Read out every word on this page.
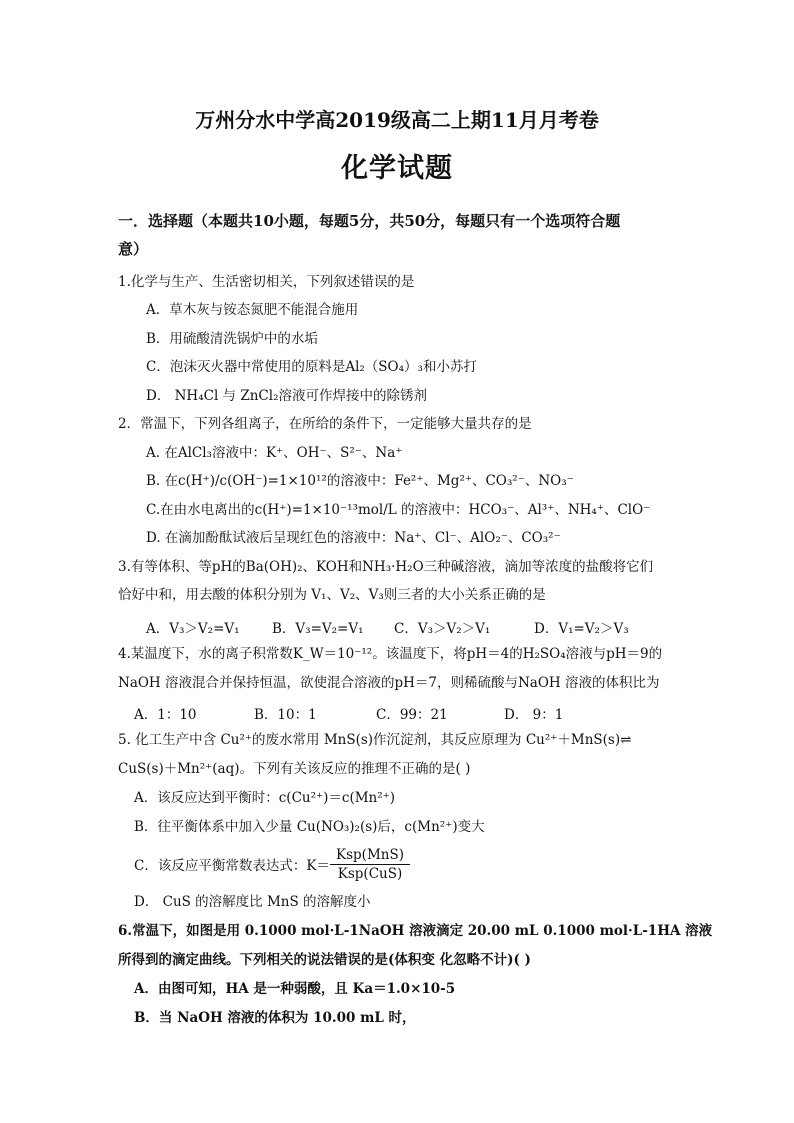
万州分水中学高2019级高二上期11月月考卷
化学试题
一．选择题（本题共10小题，每题5分，共50分，每题只有一个选项符合题
意）
1.化学与生产、生活密切相关，下列叙述错误的是
A．草木灰与铵态氮肥不能混合施用
B．用硫酸清洗锅炉中的水垢
C．泡沫灭火器中常使用的原料是Al₂（SO₄）₃和小苏打
D． NH₄Cl 与 ZnCl₂溶液可作焊接中的除锈剂
2．常温下，下列各组离子，在所给的条件下，一定能够大量共存的是
A. 在AlCl₃溶液中：K⁺、OH⁻、S²⁻、Na⁺
B. 在c(H⁺)/c(OH⁻)=1×10¹²的溶液中：Fe²⁺、Mg²⁺、CO₃²⁻、NO₃⁻
C.在由水电离出的c(H⁺)=1×10⁻¹³mol/L 的溶液中：HCO₃⁻、Al³⁺、NH₄⁺、ClO⁻
D. 在滴加酚酞试液后呈现红色的溶液中：Na⁺、Cl⁻、AlO₂⁻、CO₃²⁻
3.有等体积、等pH的Ba(OH)₂、KOH和NH₃·H₂O三种碱溶液，滴加等浓度的盐酸将它们
恰好中和，用去酸的体积分别为 V₁、V₂、V₃则三者的大小关系正确的是
A．V₃＞V₂=V₁ B．V₃=V₂=V₁ C．V₃＞V₂＞V₁	D．V₁=V₂＞V₃
4.某温度下，水的离子积常数K_W＝10⁻¹²。该温度下，将pH＝4的H₂SO₄溶液与pH＝9的
NaOH 溶液混合并保持恒温，欲使混合溶液的pH＝7，则稀硫酸与NaOH 溶液的体积比为
A．1：10	B．10：1	C．99：21	D． 9：1
5. 化工生产中含 Cu²⁺的废水常用 MnS(s)作沉淀剂，其反应原理为 Cu²⁺＋MnS(s)⇌
CuS(s)＋Mn²⁺(aq)。下列有关该反应的推理不正确的是( )
A．该反应达到平衡时：c(Cu²⁺)＝c(Mn²⁺)
B．往平衡体系中加入少量 Cu(NO₃)₂(s)后，c(Mn²⁺)变大
C．该反应平衡常数表达式：K＝
Ksp(MnS)
Ksp(CuS)
D． CuS 的溶解度比 MnS 的溶解度小
6.常温下，如图是用 0.1000 mol·L-1NaOH 溶液滴定 20.00 mL 0.1000 mol·L-1HA 溶液
所得到的滴定曲线。下列相关的说法错误的是(体积变 化忽略不计)( )
A．由图可知，HA 是一种弱酸，且 Ka＝1.0×10-5
B．当 NaOH 溶液的体积为 10.00 mL 时，
